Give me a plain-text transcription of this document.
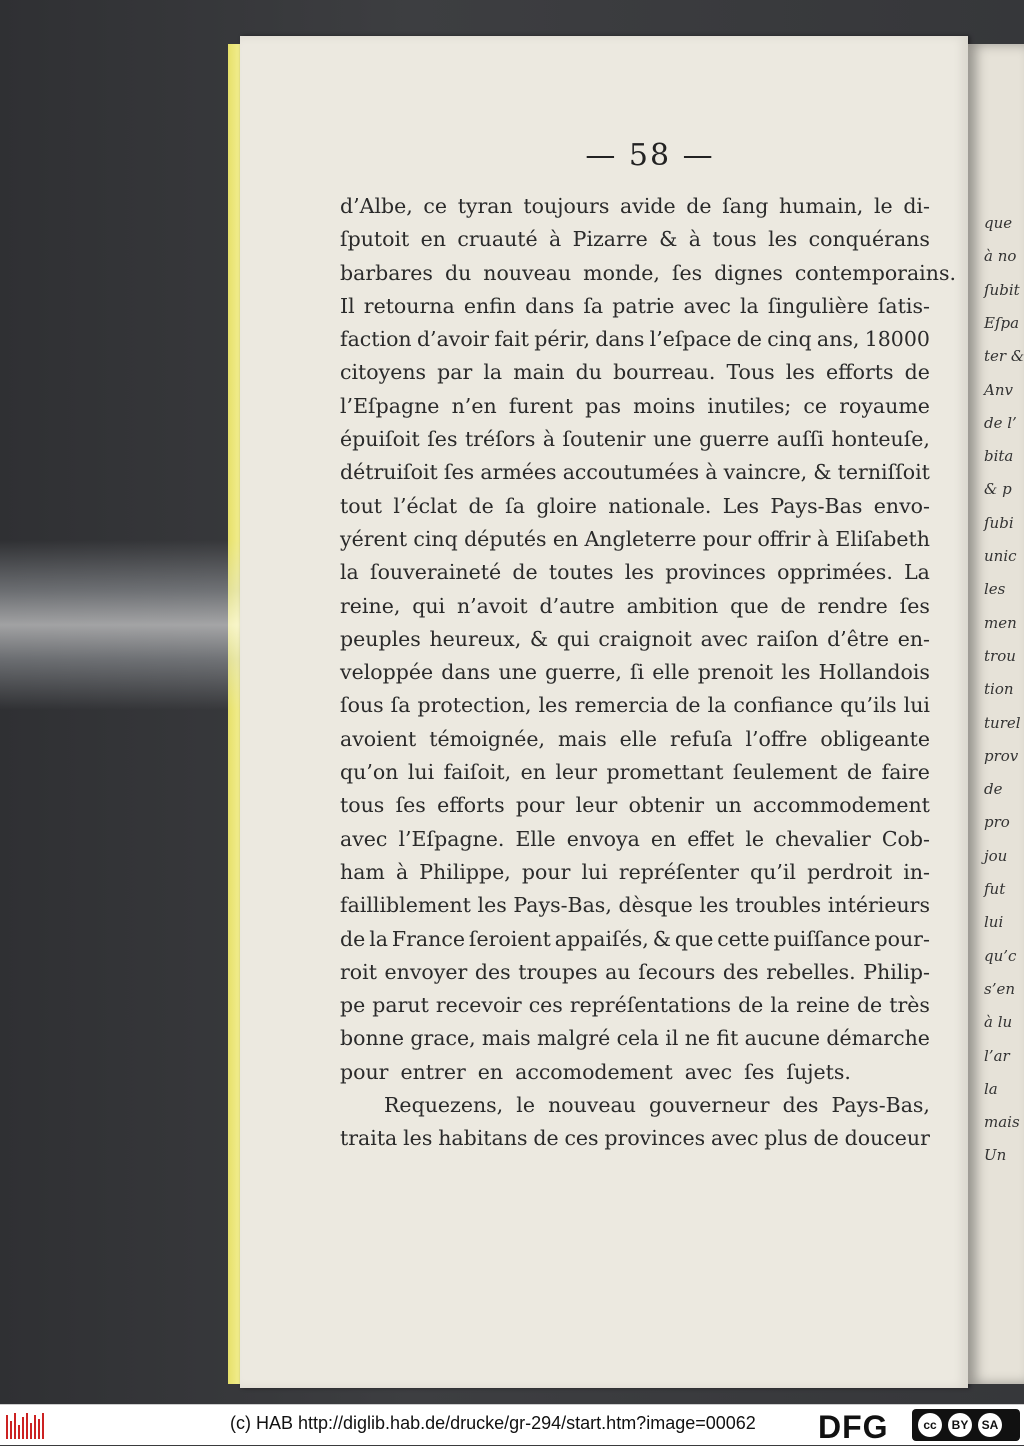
que
à no
ſubit
Eſpa
ter &
Anv
de l’
bita
& p
ſubi
unic
les
men
trou
tion
turel
prov
de
pro
jou
fut
lui
qu’c
s’en
à lu
l’ar
la
mais
Un
— 58 —
d’Albe, ce tyran toujours avide de ſang humain, le di-
ſputoit en cruauté à Pizarre & à tous les conquérans
barbares du nouveau monde, ſes dignes contemporains.
Il retourna enfin dans ſa patrie avec la ſingulière ſatis-
faction d’avoir fait périr, dans l’eſpace de cinq ans, 18000
citoyens par la main du bourreau. Tous les efforts de
l’Eſpagne n’en furent pas moins inutiles; ce royaume
épuiſoit ſes tréſors à ſoutenir une guerre auſſi honteuſe,
détruiſoit ſes armées accoutumées à vaincre, & terniſſoit
tout l’éclat de ſa gloire nationale. Les Pays-Bas envo-
yérent cinq députés en Angleterre pour offrir à Eliſabeth
la ſouveraineté de toutes les provinces opprimées. La
reine, qui n’avoit d’autre ambition que de rendre ſes
peuples heureux, & qui craignoit avec raiſon d’être en-
veloppée dans une guerre, ſi elle prenoit les Hollandois
ſous ſa protection, les remercia de la confiance qu’ils lui
avoient témoignée, mais elle refuſa l’offre obligeante
qu’on lui faiſoit, en leur promettant ſeulement de faire
tous ſes efforts pour leur obtenir un accommodement
avec l’Eſpagne. Elle envoya en effet le chevalier Cob-
ham à Philippe, pour lui repréſenter qu’il perdroit in-
failliblement les Pays-Bas, dèsque les troubles intérieurs
de la France ſeroient appaiſés, & que cette puiſſance pour-
roit envoyer des troupes au ſecours des rebelles. Philip-
pe parut recevoir ces repréſentations de la reine de très
bonne grace, mais malgré cela il ne fit aucune démarche
pour entrer en accomodement avec ſes ſujets.
Requezens, le nouveau gouverneur des Pays-Bas,
traita les habitans de ces provinces avec plus de douceur
(c) HAB http://diglib.hab.de/drucke/gr-294/start.htm?image=00062 DFG	cc	BY	SA
